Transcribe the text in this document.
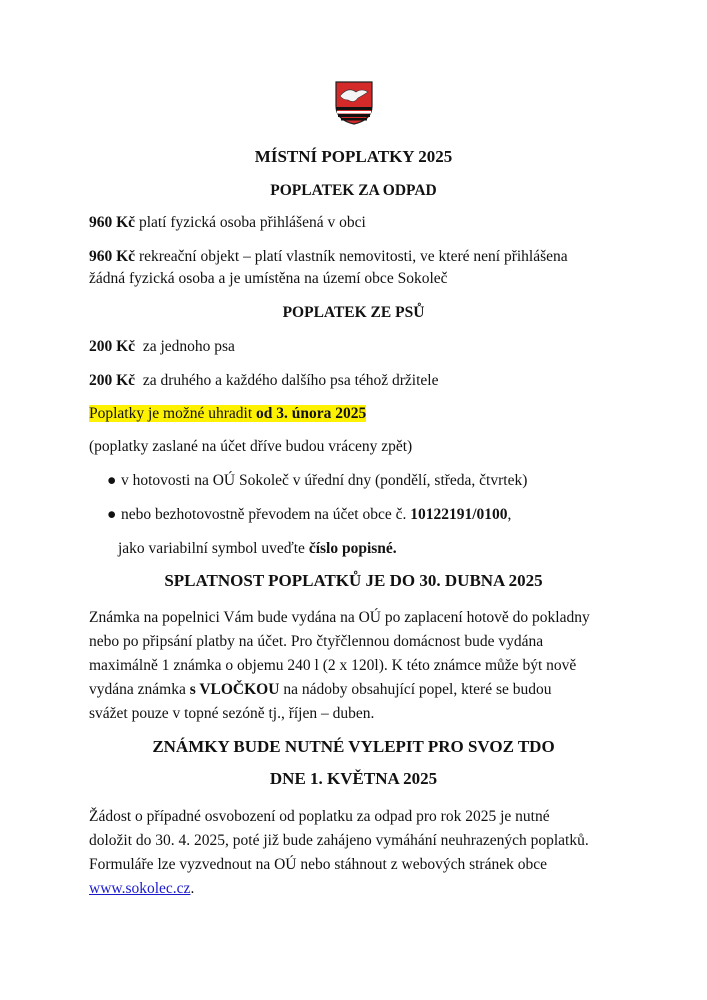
MÍSTNÍ POPLATKY 2025
POPLATEK ZA ODPAD
960 Kč platí fyzická osoba přihlášená v obci
960 Kč rekreační objekt – platí vlastník nemovitosti, ve které není přihlášena
žádná fyzická osoba a je umístěna na území obce Sokoleč
POPLATEK ZE PSŮ
200 Kč  za jednoho psa
200 Kč  za druhého a každého dalšího psa téhož držitele
Poplatky je možné uhradit od 3. února 2025
(poplatky zaslané na účet dříve budou vráceny zpět)
● v hotovosti na OÚ Sokoleč v úřední dny (pondělí, středa, čtvrtek)
● nebo bezhotovostně převodem na účet obce č. 10122191/0100,
jako variabilní symbol uveďte číslo popisné.
SPLATNOST POPLATKŮ JE DO 30. DUBNA 2025
Známka na popelnici Vám bude vydána na OÚ po zaplacení hotově do pokladny
nebo po připsání platby na účet. Pro čtyřčlennou domácnost bude vydána
maximálně 1 známka o objemu 240 l (2 x 120l). K této známce může být nově
vydána známka s VLOČKOU na nádoby obsahující popel, které se budou
svážet pouze v topné sezóně tj., říjen – duben.
ZNÁMKY BUDE NUTNÉ VYLEPIT PRO SVOZ TDO
DNE 1. KVĚTNA 2025
Žádost o případné osvobození od poplatku za odpad pro rok 2025 je nutné
doložit do 30. 4. 2025, poté již bude zahájeno vymáhání neuhrazených poplatků.
Formuláře lze vyzvednout na OÚ nebo stáhnout z webových stránek obce
www.sokolec.cz.
